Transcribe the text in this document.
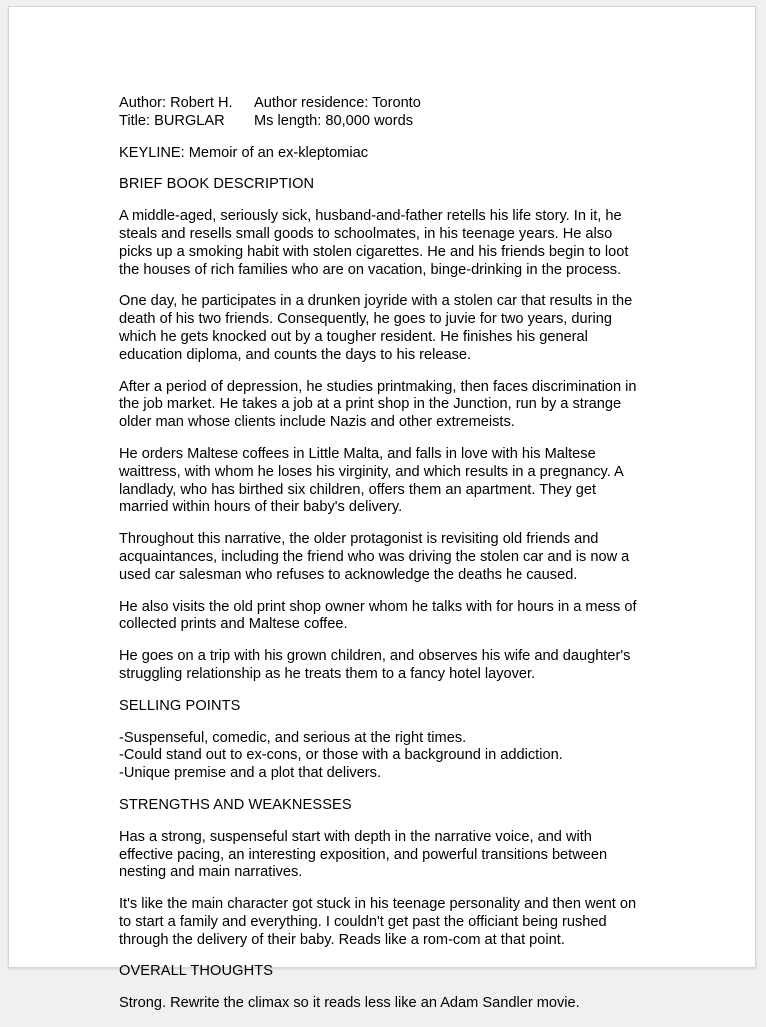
Author: Robert H.	Author residence: Toronto
Title: BURGLAR	Ms length: 80,000 words
KEYLINE: Memoir of an ex-kleptomiac
BRIEF BOOK DESCRIPTION

A middle-aged, seriously sick, husband-and-father retells his life story. In it, he steals and resells small goods to schoolmates, in his teenage years. He also picks up a smoking habit with stolen cigarettes. He and his friends begin to loot the houses of rich families who are on vacation, binge-drinking in the process.

One day, he participates in a drunken joyride with a stolen car that results in the death of his two friends. Consequently, he goes to juvie for two years, during which he gets knocked out by a tougher resident. He finishes his general education diploma, and counts the days to his release.

After a period of depression, he studies printmaking, then faces discrimination in the job market. He takes a job at a print shop in the Junction, run by a strange older man whose clients include Nazis and other extremeists.

He orders Maltese coffees in Little Malta, and falls in love with his Maltese waittress, with whom he loses his virginity, and which results in a pregnancy. A landlady, who has birthed six children, offers them an apartment. They get married within hours of their baby's delivery.

Throughout this narrative, the older protagonist is revisiting old friends and acquaintances, including the friend who was driving the stolen car and is now a used car salesman who refuses to acknowledge the deaths he caused.

He also visits the old print shop owner whom he talks with for hours in a mess of collected prints and Maltese coffee.

He goes on a trip with his grown children, and observes his wife and daughter's struggling relationship as he treats them to a fancy hotel layover.

SELLING POINTS
-Suspenseful, comedic, and serious at the right times.
-Could stand out to ex-cons, or those with a background in addiction.
-Unique premise and a plot that delivers.
STRENGTHS AND WEAKNESSES

Has a strong, suspenseful start with depth in the narrative voice, and with effective pacing, an interesting exposition, and powerful transitions between nesting and main narratives.

It's like the main character got stuck in his teenage personality and then went on to start a family and everything. I couldn't get past the officiant being rushed through the delivery of their baby. Reads like a rom-com at that point.

OVERALL THOUGHTS

Strong. Rewrite the climax so it reads less like an Adam Sandler movie.
